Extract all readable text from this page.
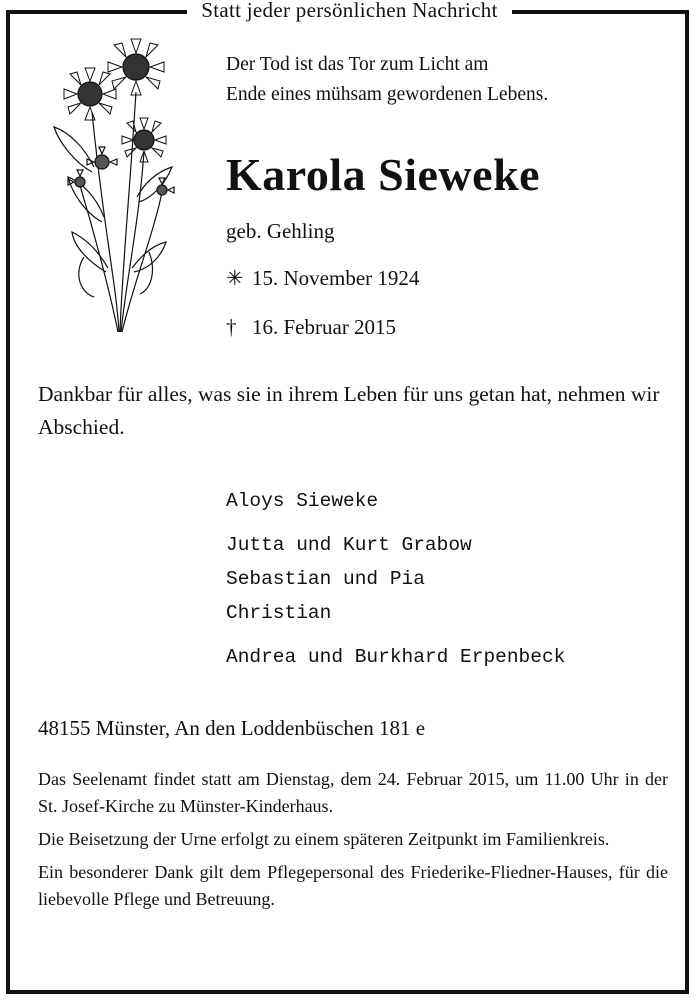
Statt jeder persönlichen Nachricht
Der Tod ist das Tor zum Licht am
Ende eines mühsam gewordenen Lebens.
Karola Sieweke
geb. Gehling
✳ 15. November 1924
† 16. Februar 2015
Dankbar für alles, was sie in ihrem Leben für uns getan hat, nehmen wir Abschied.
Aloys Sieweke
Jutta und Kurt Grabow
Sebastian und Pia
Christian
Andrea und Burkhard Erpenbeck
48155 Münster, An den Loddenbüschen 181 e

Das Seelenamt findet statt am Dienstag, dem 24. Februar 2015, um 11.00 Uhr in der St. Josef-Kirche zu Münster-Kinderhaus.

Die Beisetzung der Urne erfolgt zu einem späteren Zeitpunkt im Familienkreis.

Ein besonderer Dank gilt dem Pflegepersonal des Friederike-Fliedner-Hauses, für die liebevolle Pflege und Betreuung.
